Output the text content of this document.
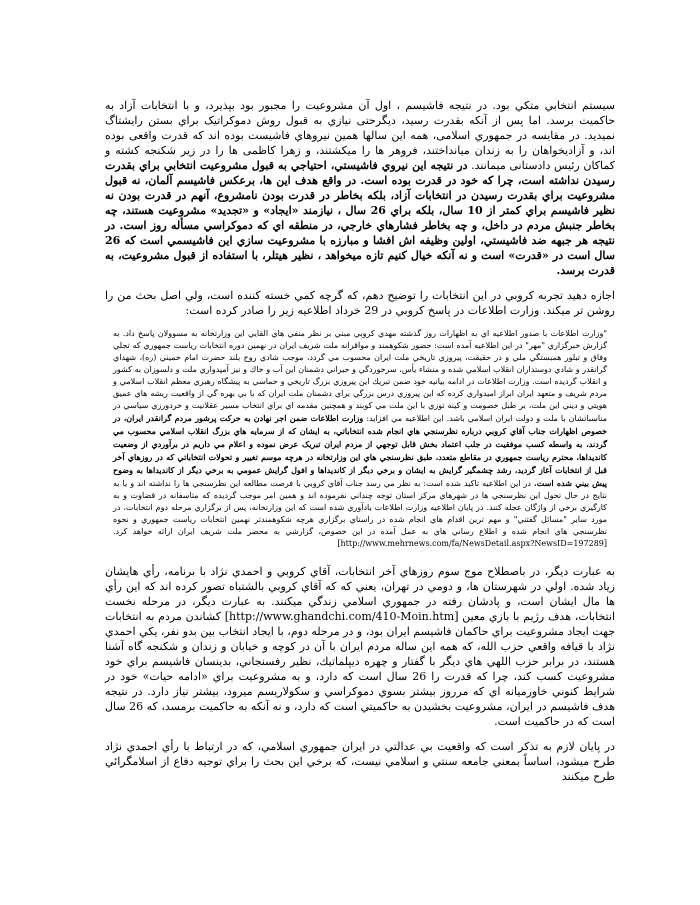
سیستم انتخابي متکي بود. در نتیجه فاشیسم ، اول آن مشروعیت را مجبور بود بپذیرد، و با انتخابات آزاد به حاکمیت برسد. اما پس از آنکه بقدرت رسید، دیگرحتی نیازي به قبول روش دموکراتیک براي بستن رایشتاگ نمیدید. در مقایسه در جمهوري اسلامی، همه این سالها همین نیروهاي فاشیست بوده اند که قدرت واقعی بوده اند، و آزادیخواهان را به زندان میانداختند، فروهر ها را میکشتند، و زهرا کاظمی ها را در زیر شکنجه کشته و کماکان رئیس دادستانی میمانند. در نتیجه این نیروي فاشیستي، احتیاجي به قبول مشروعیت انتخابي براي بقدرت رسیدن نداشته است، چرا که خود در قدرت بوده است. در واقع هدف این ها، برعکس فاشیسم آلمان، نه قبول مشروعیت براي بقدرت رسیدن در انتخابات آزاد، بلکه بخاطر در قدرت بودن نامشروع، آنهم در قدرت بودن نه نظیر فاشیسم براي کمتر از 10 سال، بلکه براي 26 سال ، نیازمند «ایجاد» و «تجدید» مشروعیت هستند، چه بخاطر جنبش مردم در داخل، و چه بخاطر فشارهاي خارجي، در منطقه اي که دموکراسي مسأله روز است. در نتیجه هر جبهه ضد فاشیستي، اولین وظیفه اش افشا و مبارزه با مشروعیت سازي این فاشیسمي است که 26 سال است در «قدرت» است و نه آنکه خیال کنیم تازه میخواهد ، نظیر هیتلر، با استفاده از قبول مشروعیت، به قدرت برسد.

اجازه دهید تجربه کروبي در این انتخابات را توضیح دهم، که گرچه کمي خسته کننده است، ولي اصل بحث من را روشن تر میکند. وزارت اطلاعات در پاسخ کروبي در 29 خرداد اطلاعیه زیر را صادر کرده است:

"وزارت اطلاعات با صدور اطلاعیه اي به اظهارات روز گذشته مهدي کروبي مبني بر نظر منفي هاي القايي اين وزارتخانه به مسوولان پاسخ داد. به گزارش خبرگزاري "مهر" در اين اطلاعيه آمده است: حضور شکوهمند و مواقرانه ملت شريف ايران در نهمين دوره انتخابات رياست جمهوري که تجلي وفاق و تبلور همبستگي ملي و در حقيقت، پيروزي تاريخي ملت ايران محسوب مي گردد، موجب شادي روح بلند حضرت امام خميني (ره)، شهداي گرانقدر و شادي دوستداران انقلاب اسلامي شده و منشاء يأس، سرخوردگي و حيراني دشمنان اين آب و خاك و نيز آمپدواري ملت و دلسوزان به كشور و انقلاب گرديده است. وزارت اطلاعات در ادامه بيانيه خود ضمن تبريك اين پيروزي بزرگ تاريخي و حماسي به پيشگاه رهبري معظم انقلاب اسلامي و مردم شريف و متعهد ايران ابراز اميدواري كرده كه اين پيروزي درس بزرگي براي دشمنان ملت ايران كه با بي بهره گي از واقعيت ريشه هاي عميق هويتي و ديني اين ملت، بر طبل خصومت و كينه توزي با اين ملت مي كوبند و همچنين مقدمه اي براي انتخاب مسير عقلانيت و خردورزي سياسي در مناسباتشان با ملت و دولت ايران اسلامي باشد. اين اطلاعيه مي افزايد: وزارت اطلاعات ضمن اجر نهادن به حرکت پرشور مردم گرانقدر ايران، در خصوص اظهارات جناب آقاي کروبي درباره نظرسنجي هاي انجام شده انتخاباتي، به ايشان که از سرمايه هاي بزرگ انقلاب اسلامي محسوب مي گردند، به واسطه کسب موفقيت در جلب اعتماد بخش قابل توجهي از مردم ايران تبريک عرض نموده و اعلام مي داريم در برآوردي از وضعيت کانديداها، محترم رياست جمهوري در مقاطع متعدد، طبق نظرسنجي هاي اين وزارتخانه در هرچه موسم تغيير و تحولات انتخاباتي که در روزهاي آخر قبل از انتخابات آغاز گرديد، رشد چشمگير گرايش به ايشان و برخي ديگر از کانديداها و افول گرايش عمومي به برخي ديگر از کانديداها به وضوح پيش بيني شده است. در اين اطلاعيه تاكيد شده است: به نظر مي رسد جناب آقاي كروبي با فرصت مطالعه اين نظرسنجي ها را نداشته اند و يا به نتايج در حال تحول اين نظرسنجي ها در شهرهاي مركز استان توجه چنداني نفرموده اند و همين امر موجب گرديده كه متاسفانه در قضاوت و به كارگيري برخي از واژگان عجله كنند. در پايان اطلاعيه وزارت اطلاعات يادآوري شده است كه اين وزارتخانه، پس از برگزاري مرحله دوم انتخابات، در مورد ساير "مسائل گفتني" و مهم ترين اقدام هاي انجام شده در راستاي برگزاري هرچه شكوهمندتر نهمين انتخابات رياست جمهوري و نحوه نظرسنجي هاي انجام شده و اطلاع رساني هاي به عمل آمده در اين خصوص، گزارشي به محضر ملت شريف ايران ارائه خواهد كرد. [http://www.mehrnews.com/fa/NewsDetail.aspx?NewsID=197289]

به عبارت ديگر، در باصطلاح موج سوم روزهاي آخر انتخابات، آقاي كروبي و احمدي نژاد با برنامه، رأي هايشان زياد شده. اولي در شهرستان ها، و دومي در تهران، يعني كه كه آقاي كروبي بالشتباه تصور كرده اند كه اين رأي ها مال ايشان است، و پادشان رفته در جمهوري اسلامي زندگي ميكنند. به عبارت ديگر، در مرحله نخست انتخابات، هدف رژيم با بازي معين [http://www.ghandchi.com/410-Moin.htm] كشاندن مردم به انتخابات جهت ايجاد مشروعيت براي حاكمان فاشيسم ايران بود، و در مرحله دوم، با ايجاد انتخاب بين بدو نفر، يكي احمدي نژاد با قيافه واقعي حزب الله، كه همه اين ساله مردم ايران با آن در كوچه و خيابان و زندان و شكنجه گاه آشنا هستند، در برابر حزب اللهي هاي ديگر با گفتار و چهره ديپلماتيك، نظير رفسنجاني، بدينسان فاشيسم براي خود مشروعيت كسب كند، چرا كه قدرت را 26 سال است كه دارد، و به مشروعيت براي «ادامه حيات» خود در شرايط كنوني خاورميانه اي كه مرروز بيشتر بسوي دموكراسي و سكولاريسم ميرود، بيشتر نياز دارد. در نتيجه هدف فاشيسم در ايران، مشروعيت بخشيدن به حاكميتي است كه دارد، و نه آنكه به حاكميت برمسد، كه 26 سال است كه در حاكميت است.

در پايان لازم به تذكر است كه واقعيت بي عدالتي در ايران جمهوري اسلامي، كه در ارتباط با رأي احمدي نژاد طرح ميشود، اساساً بمعني جامعه سنتي و اسلامي نيست، كه برخي اين بحث را براي توجيه دفاع از اسلامگرائي طرح ميكنند
